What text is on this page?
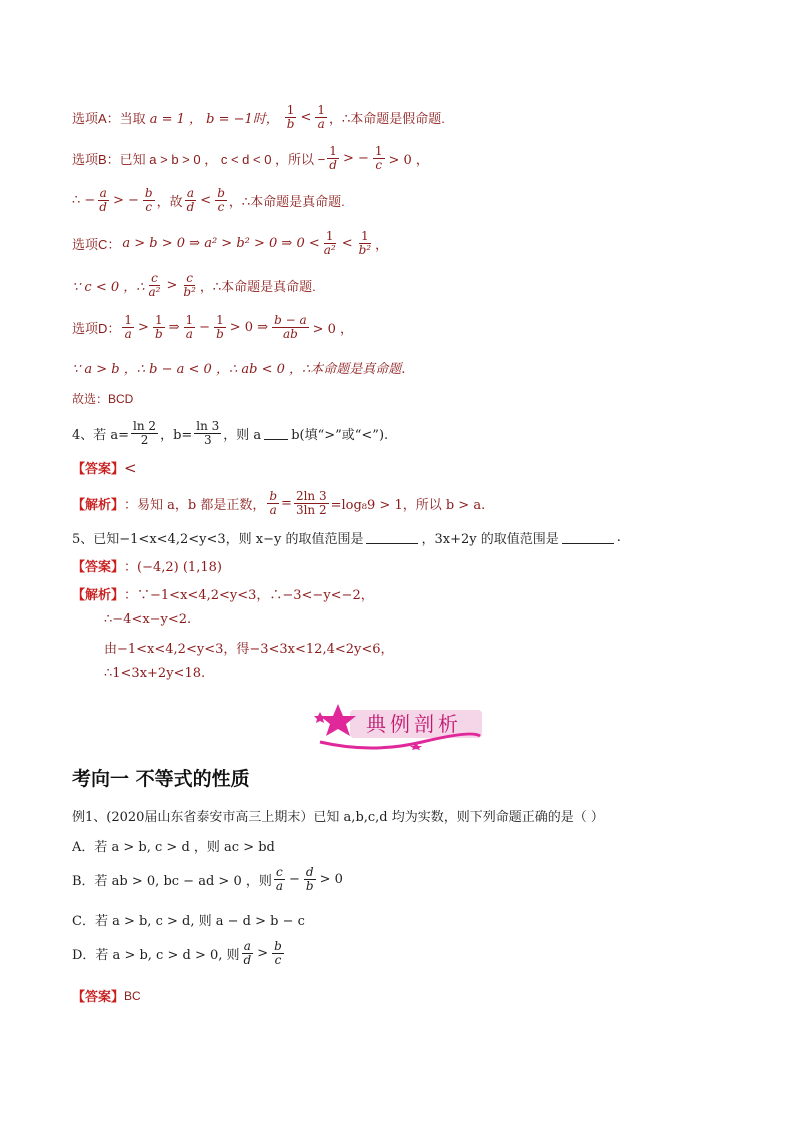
选项A： 当取 a = 1 ， b = −1时， $\frac{1}{b} < \frac{1}{a}$ ，∴本命题是假命题.
选项B： 已知 a > b > 0 ， c < d < 0 ，所以 − $\frac{1}{d}$ > − $\frac{1}{c} > 0$ ，
∴ − $\frac{a}{d}$ > − $\frac{b}{c}$ ，故 $\frac{a}{d} < \frac{b}{c}$ ，∴本命题是真命题.
选项C： a > b > 0 ⇒ a² > b² > 0 ⇒ $0 < \frac{1}{\text{a²}} < \frac{1}{\text{b²}}$ ，
∵ c < 0 ，∴ $\frac{c}{\text{a²}} > \frac{c}{\text{b²}}$ ，∴本命题是真命题.
选项D： $\frac{1}{a} > \frac{1}{b}$ ⇒ $\frac{1}{a} - \frac{1}{b} > 0$ ⇒ $\frac{b - a}{ab} > 0$ ，
∵ a > b ，∴ b − a < 0 ，∴ ab < 0 ，∴本命题是真命题.
故选：BCD
4、若 $a= \frac{\ln 2}{2}$ ，$b= \frac{\ln 3}{3}$ ，则 a b(填“>”或“<”).
【答案】 <
【解析】 ：易知 a，b 都是正数， $\frac{b}{a} = \frac{2\ln 3}{3\ln 2} =\log_89 > 1$，所以 b > a.
5、已知−1<x<4,2<y<3，则 x−y 的取值范围是	，3x+2y 的取值范围是	.
【答案】 ：(−4,2) (1,18)
【解析】 ：∵−1<x<4,2<y<3，∴−3<−y<−2，
∴−4<x−y<2.
由−1<x<4,2<y<3，得−3<3x<12,4<2y<6，
∴1<3x+2y<18.
典例剖析
考向一 不等式的性质
例1、(2020届山东省泰安市高三上期末）已知 a,b,c,d 均为实数，则下列命题正确的是（ ）
A．若 a > b, c > d ，则 ac > bd
B．若 ab > 0, bc − ad > 0 ，则 $\frac{c}{a} - \frac{d}{b} > 0$
C．若 a > b, c > d, 则 a − d > b − c
D．若 a > b, c > d > 0, 则 $\frac{a}{d} > \frac{b}{c}$
【答案】 BC
